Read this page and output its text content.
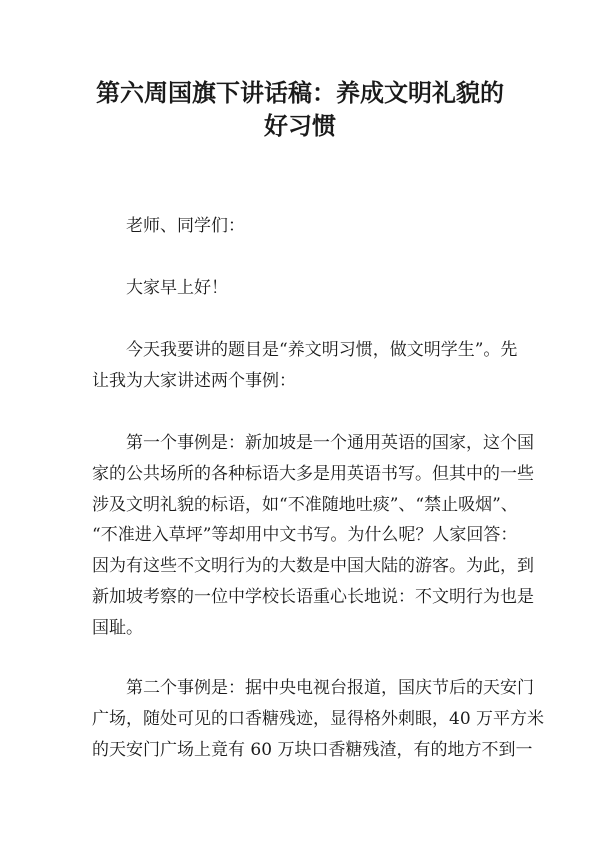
第六周国旗下讲话稿：养成文明礼貌的
好习惯
老师、同学们：
大家早上好！
今天我要讲的题目是“养文明习惯，做文明学生”。先
让我为大家讲述两个事例：
第一个事例是：新加坡是一个通用英语的国家，这个国
家的公共场所的各种标语大多是用英语书写。但其中的一些
涉及文明礼貌的标语，如“不准随地吐痰”、“禁止吸烟”、
“不准进入草坪”等却用中文书写。为什么呢？人家回答：
因为有这些不文明行为的大数是中国大陆的游客。为此，到
新加坡考察的一位中学校长语重心长地说：不文明行为也是
国耻。
第二个事例是：据中央电视台报道，国庆节后的天安门
广场，随处可见的口香糖残迹，显得格外刺眼，40 万平方米
的天安门广场上竟有 60 万块口香糖残渣，有的地方不到一
